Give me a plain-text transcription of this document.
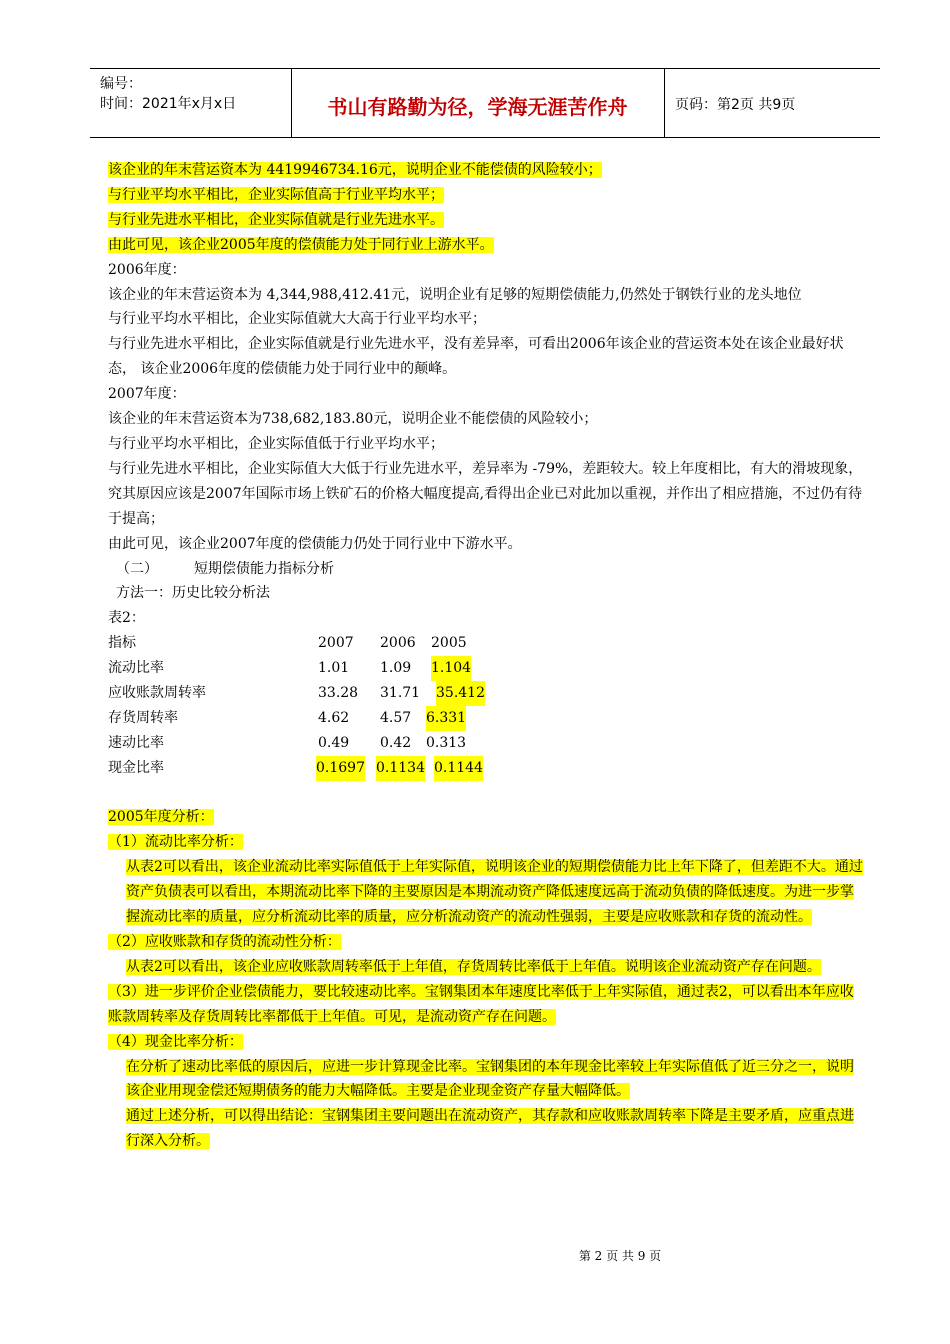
编号：
时间：2021年x月x日	书山有路勤为径，学海无涯苦作舟	页码：第2页 共9页

该企业的年末营运资本为 4419946734.16元，说明企业不能偿债的风险较小；

与行业平均水平相比，企业实际值高于行业平均水平；

与行业先进水平相比，企业实际值就是行业先进水平。

由此可见，该企业2005年度的偿债能力处于同行业上游水平。

2006年度：

该企业的年末营运资本为 4,344,988,412.41元，说明企业有足够的短期偿债能力,仍然处于钢铁行业的龙头地位

与行业平均水平相比，企业实际值就大大高于行业平均水平；

与行业先进水平相比，企业实际值就是行业先进水平，没有差异率，可看出2006年该企业的营运资本处在该企业最好状态， 该企业2006年度的偿债能力处于同行业中的颠峰。

2007年度：

该企业的年末营运资本为738,682,183.80元，说明企业不能偿债的风险较小；

与行业平均水平相比，企业实际值低于行业平均水平；

与行业先进水平相比，企业实际值大大低于行业先进水平，差异率为 -79%，差距较大。较上年度相比，有大的滑坡现象，究其原因应该是2007年国际市场上铁矿石的价格大幅度提高,看得出企业已对此加以重视，并作出了相应措施，不过仍有待于提高；

由此可见，该企业2007年度的偿债能力仍处于同行业中下游水平。

（二）	短期偿债能力指标分析

方法一：历史比较分析法

表2：

指标	2007 2006 2005
流动比率	1.01 1.09 1.104
应收账款周转率	33.28 31.71 35.412
存货周转率	4.62 4.57 6.331
速动比率	0.49 0.42 0.313
现金比率	0.1697 0.1134 0.1144

2005年度分析：

（1）流动比率分析：

从表2可以看出，该企业流动比率实际值低于上年实际值，说明该企业的短期偿债能力比上年下降了，但差距不大。通过资产负债表可以看出，本期流动比率下降的主要原因是本期流动资产降低速度远高于流动负债的降低速度。为进一步掌握流动比率的质量，应分析流动比率的质量，应分析流动资产的流动性强弱，主要是应收账款和存货的流动性。

（2）应收账款和存货的流动性分析：

从表2可以看出，该企业应收账款周转率低于上年值，存货周转比率低于上年值。说明该企业流动资产存在问题。

（3）进一步评价企业偿债能力，要比较速动比率。宝钢集团本年速度比率低于上年实际值，通过表2，可以看出本年应收账款周转率及存货周转比率都低于上年值。可见，是流动资产存在问题。

（4）现金比率分析：

在分析了速动比率低的原因后，应进一步计算现金比率。宝钢集团的本年现金比率较上年实际值低了近三分之一，说明该企业用现金偿还短期债务的能力大幅降低。主要是企业现金资产存量大幅降低。

通过上述分析，可以得出结论：宝钢集团主要问题出在流动资产，其存款和应收账款周转率下降是主要矛盾，应重点进行深入分析。

第 2 页 共 9 页
